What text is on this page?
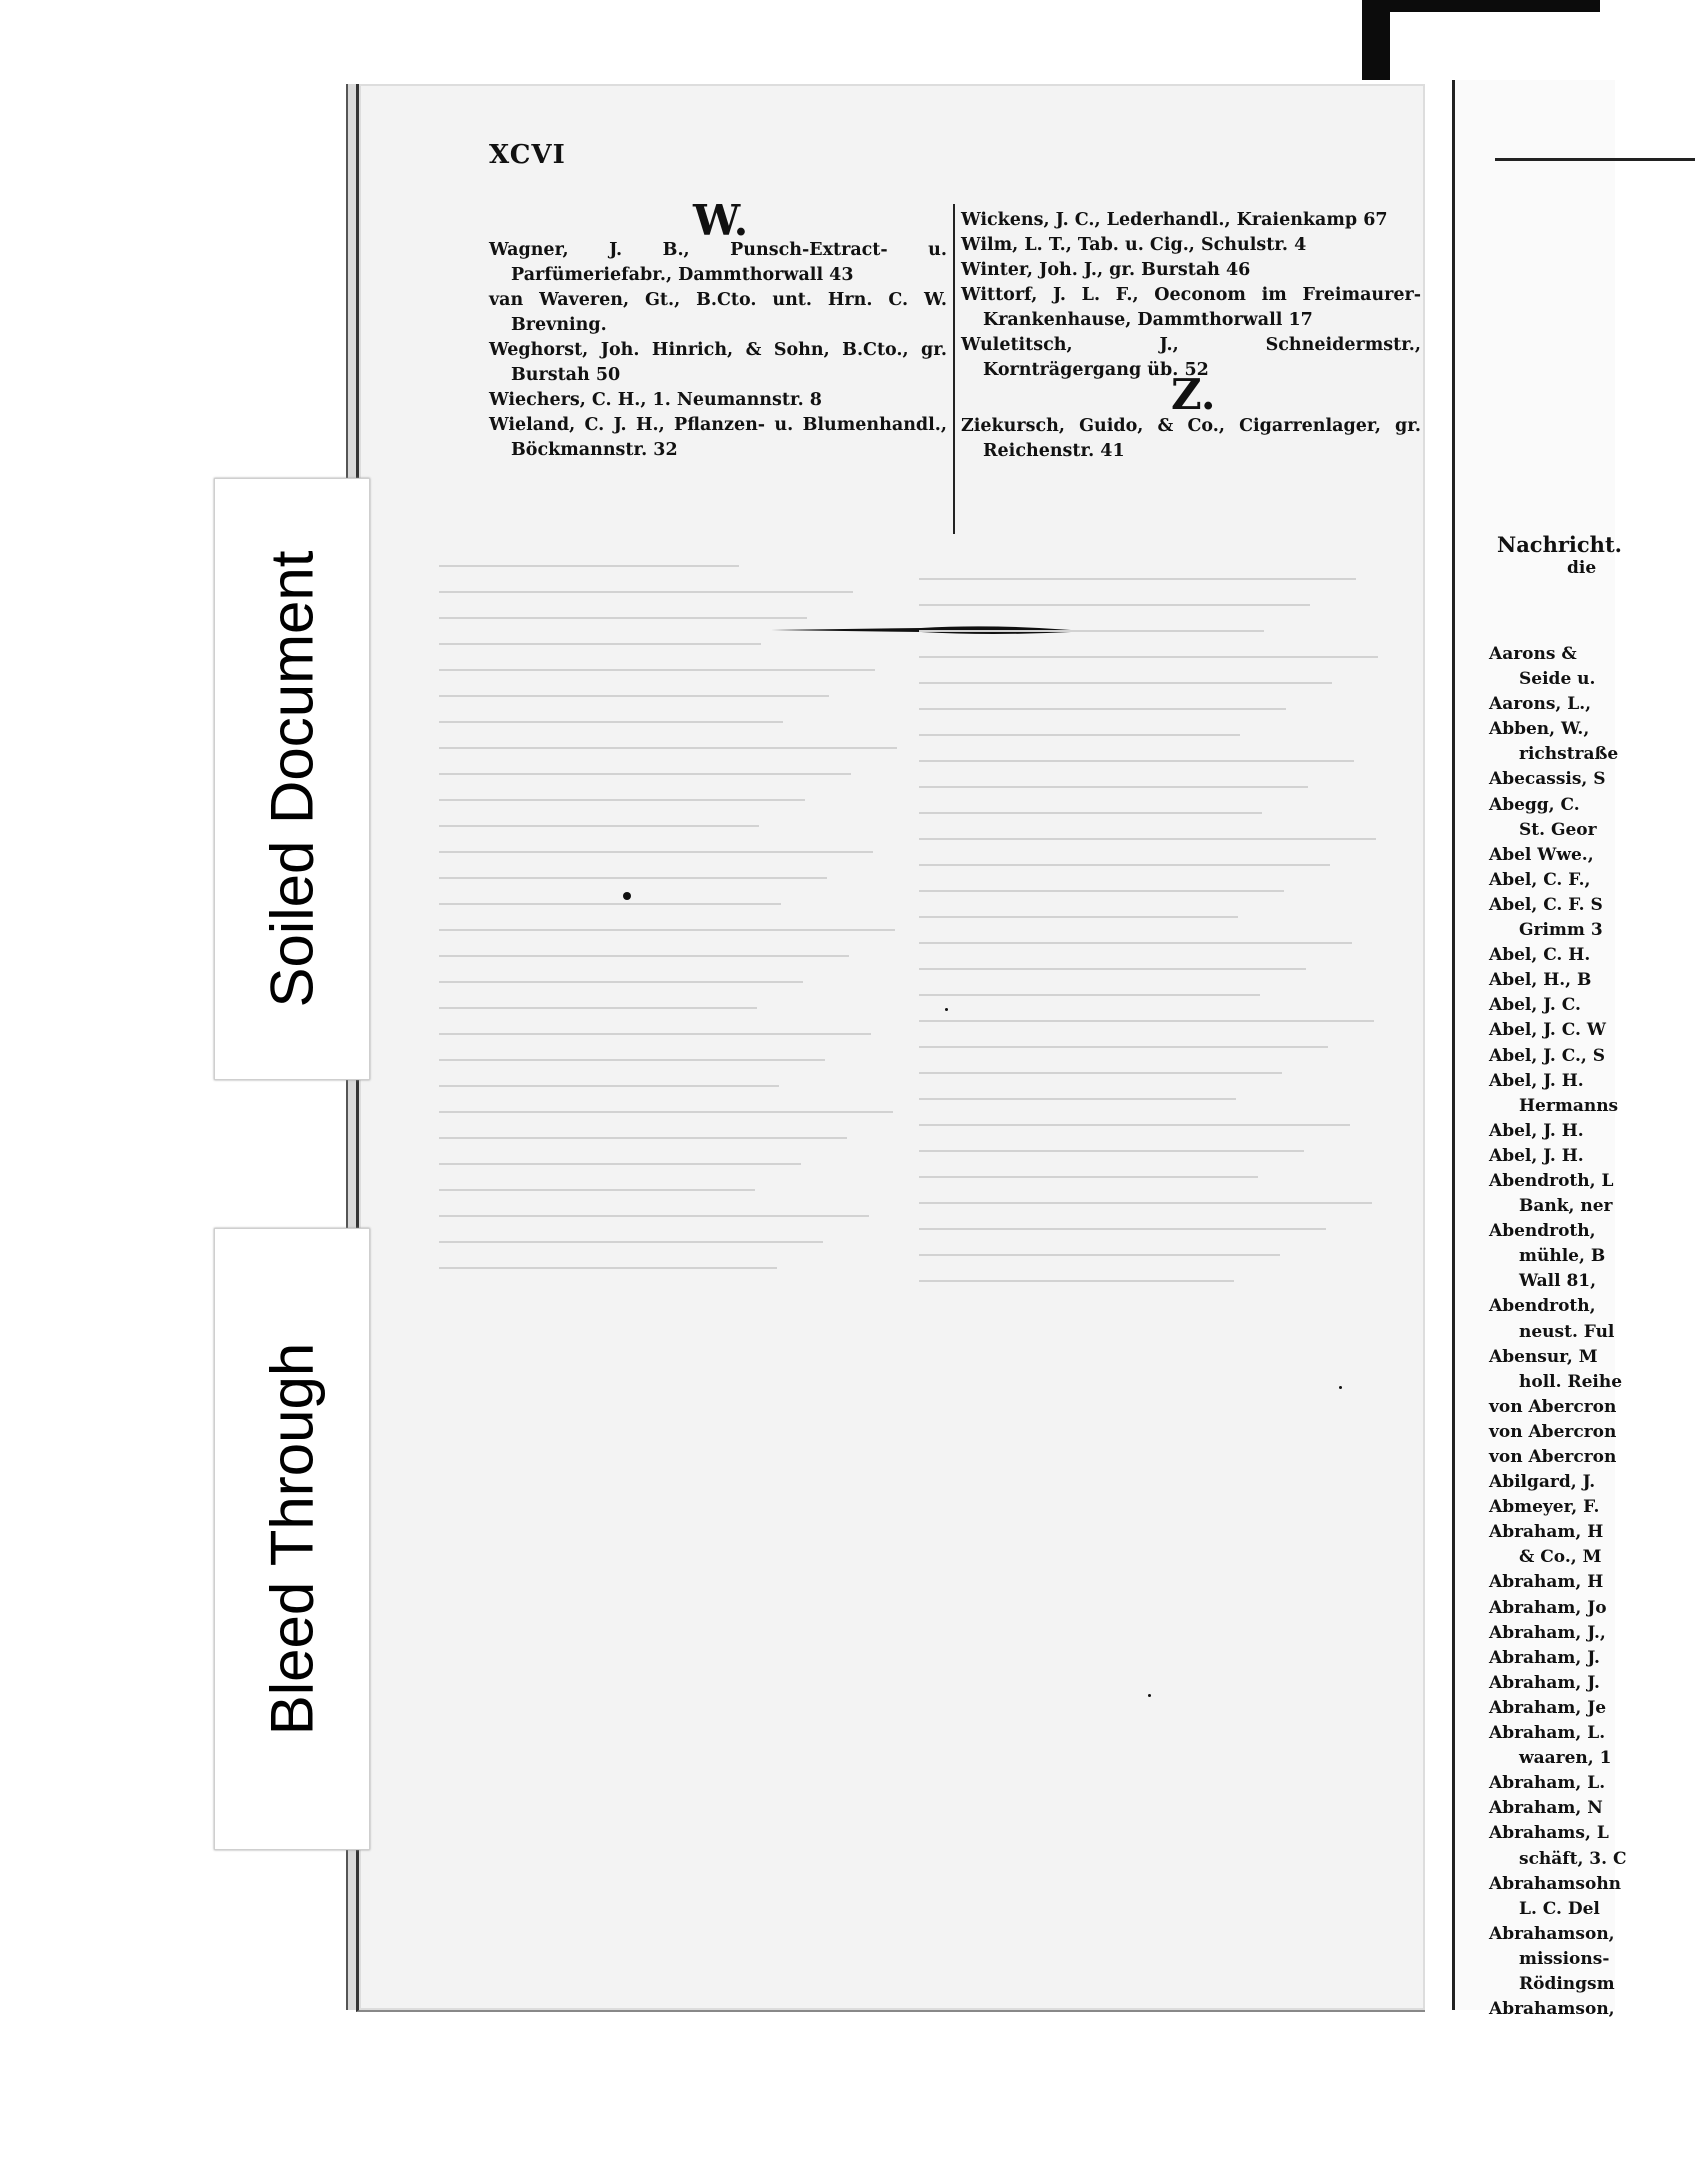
XCVI
W.

Wagner, J. B., Punsch-Extract- u. Parfümeriefabr., Dammthorwall 43

van Waveren, Gt., B.Cto. unt. Hrn. C. W. Brevning.

Weghorst, Joh. Hinrich, & Sohn, B.Cto., gr. Burstah 50

Wiechers, C. H., 1. Neumannstr. 8

Wieland, C. J. H., Pflanzen- u. Blumenhandl., Böckmannstr. 32

Wickens, J. C., Lederhandl., Kraienkamp 67

Wilm, L. T., Tab. u. Cig., Schulstr. 4

Winter, Joh. J., gr. Burstah 46

Wittorf, J. L. F., Oeconom im Freimaurer-Krankenhause, Dammthorwall 17

Wuletitsch, J., Schneidermstr., Kornträgergang üb. 52

Z.

Ziekursch, Guido, & Co., Cigarrenlager, gr. Reichenstr. 41

Nachricht.
die
Aarons &
Seide u.
Aarons, L.,
Abben, W.,
richstraße
Abecassis, S
Abegg, C.
St. Geor
Abel Wwe.,
Abel, C. F.,
Abel, C. F. S
Grimm 3
Abel, C. H.
Abel, H., B
Abel, J. C.
Abel, J. C. W
Abel, J. C., S
Abel, J. H.
Hermanns
Abel, J. H.
Abel, J. H.
Abendroth, L
Bank, ner
Abendroth,
mühle, B
Wall 81,
Abendroth,
neust. Ful
Abensur, M
holl. Reihe
von Abercron
von Abercron
von Abercron
Abilgard, J.
Abmeyer, F.
Abraham, H
& Co., M
Abraham, H
Abraham, Jo
Abraham, J.,
Abraham, J.
Abraham, J.
Abraham, Je
Abraham, L.
waaren, 1
Abraham, L.
Abraham, N
Abrahams, L
schäft, 3. C
Abrahamsohn
L. C. Del
Abrahamson,
missions-
Rödingsm
Abrahamson,
Soiled Document
Bleed Through
